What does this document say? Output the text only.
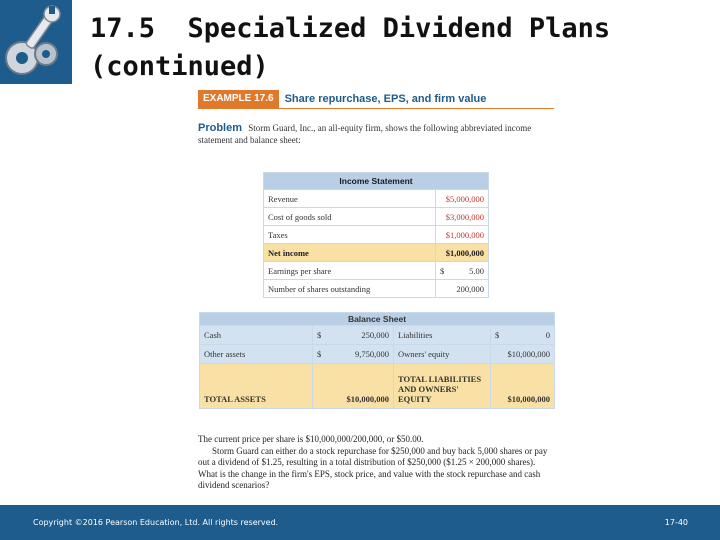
17.5  Specialized Dividend Plans
(continued)
EXAMPLE 17.6	Share repurchase, EPS, and firm value
Problem Storm Guard, Inc., an all-equity firm, shows the following abbreviated income statement and balance sheet:
Income Statement	
Revenue	$5,000,000
Cost of goods sold	$3,000,000
Taxes	$1,000,000
Net income	$1,000,000
Earnings per share	$ 5.00
Number of shares outstanding	200,000
Balance Sheet			
Cash	$ 250,000	Liabilities	$ 0

Other assets	$ 9,750,000	Owners' equity	$10,000,000
TOTAL ASSETS	$10,000,000	TOTAL LIABILITIES AND OWNERS' EQUITY	$10,000,000

The current price per share is $10,000,000/200,000, or $50.00.

Storm Guard can either do a stock repurchase for $250,000 and buy back 5,000 shares or pay out a dividend of $1.25, resulting in a total distribution of $250,000 ($1.25 × 200,000 shares). What is the change in the firm's EPS, stock price, and value with the stock repurchase and cash dividend scenarios?

Copyright ©2016 Pearson Education, Ltd. All rights reserved.	17-40
